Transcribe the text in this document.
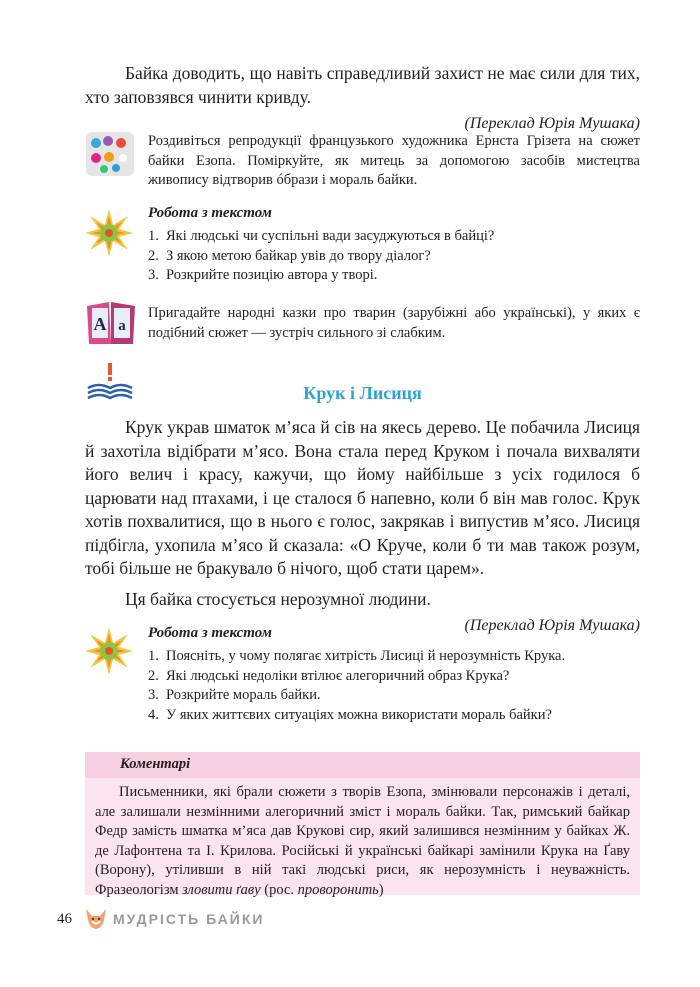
Байка доводить, що навіть справедливий захист не має сили для тих, хто заповзявся чинити кривду.

(Переклад Юрія Мушака)

Роздивіться репродукції французького художника Ернста Грізета на сюжет байки Езопа. Поміркуйте, як митець за допомогою засобів мистецтва живопису відтворив óбрази і мораль байки.

Робота з текстом

1. Які людські чи суспільні вади засуджуються в байці?
2. З якою метою байкар увів до твору діалог?
3. Розкрийте позицію автора у творі.
A a

Пригадайте народні казки про тварин (зарубіжні або українські), у яких є подібний сюжет — зустріч сильного зі слабким.

Крук і Лисиця

Крук украв шматок м’яса й сів на якесь дерево. Це побачила Лисиця й захотіла відібрати м’ясо. Вона стала перед Круком і почала вихваляти його велич і красу, кажучи, що йому найбільше з усіх годилося б царювати над птахами, і це сталося б напевно, коли б він мав голос. Крук хотів похвалитися, що в нього є голос, закрякав і випустив м’ясо. Лисиця підбігла, ухопила м’ясо й сказала: «О Круче, коли б ти мав також розум, тобі більше не бракувало б нічого, щоб стати царем».

Ця байка стосується нерозумної людини.

(Переклад Юрія Мушака)

Робота з текстом

1. Поясніть, у чому полягає хитрість Лисиці й нерозумність Крука.
2. Які людські недоліки втілює алегоричний образ Крука?
3. Розкрийте мораль байки.
4. У яких життєвих ситуаціях можна використати мораль байки?
Коментарі

Письменники, які брали сюжети з творів Езопа, змінювали персонажів і деталі, але залишали незмінними алегоричний зміст і мораль байки. Так, римський байкар Федр замість шматка м’яса дав Крукові сир, який залишився незмінним у байках Ж. де Лафонтена та І. Крилова. Російські й українські байкарі замінили Крука на Ґаву (Ворону), утіливши в ній такі людські риси, як нерозумність і неуважність. Фразеологізм зловити ґаву (рос. проворонить)

46	МУДРІСТЬ БАЙКИ
